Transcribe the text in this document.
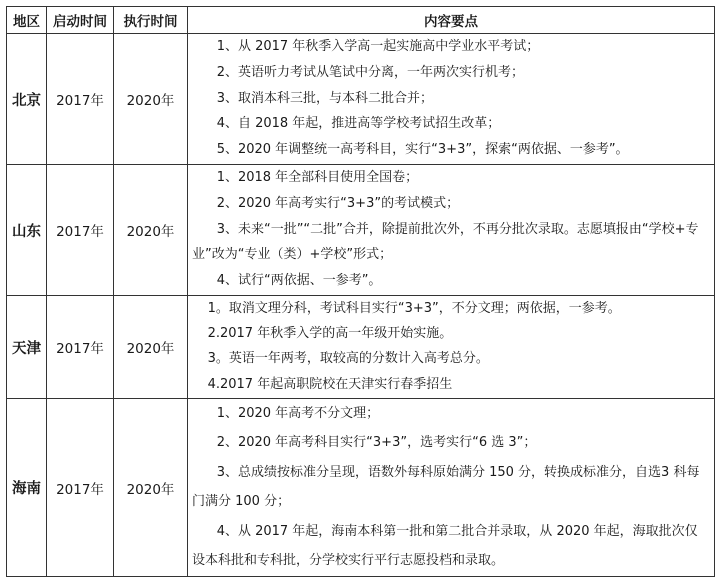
地区	启动时间	执行时间	内容要点
北京	2017年	2020年	1、从 2017 年秋季入学高一起实施高中学业水平考试；
2、英语听力考试从笔试中分离，一年两次实行机考；
3、取消本科三批，与本科二批合并；
4、自 2018 年起，推进高等学校考试招生改革；
5、2020 年调整统一高考科目，实行“3+3”，探索“两依据、一参考”。

山东	2017年	2020年	1、2018 年全部科目使用全国卷；
2、2020 年高考实行“3+3”的考试模式；
3、未来“一批”“二批”合并，除提前批次外，不再分批次录取。志愿填报由“学校+专业”改为“专业（类）+学校”形式；
4、试行“两依据、一参考”。

天津	2017年	2020年	1。取消文理分科，考试科目实行“3+3”，不分文理；两依据，一参考。
2.2017 年秋季入学的高一年级开始实施。
3。英语一年两考，取较高的分数计入高考总分。
4.2017 年起高职院校在天津实行春季招生

海南	2017年	2020年	1、2020 年高考不分文理；
2、2020 年高考科目实行“3+3”，选考实行“6 选 3”；
3、总成绩按标准分呈现，语数外每科原始满分 150 分，转换成标准分，自选3 科每门满分 100 分；
4、从 2017 年起，海南本科第一批和第二批合并录取，从 2020 年起，海取批次仅设本科批和专科批，分学校实行平行志愿投档和录取。
